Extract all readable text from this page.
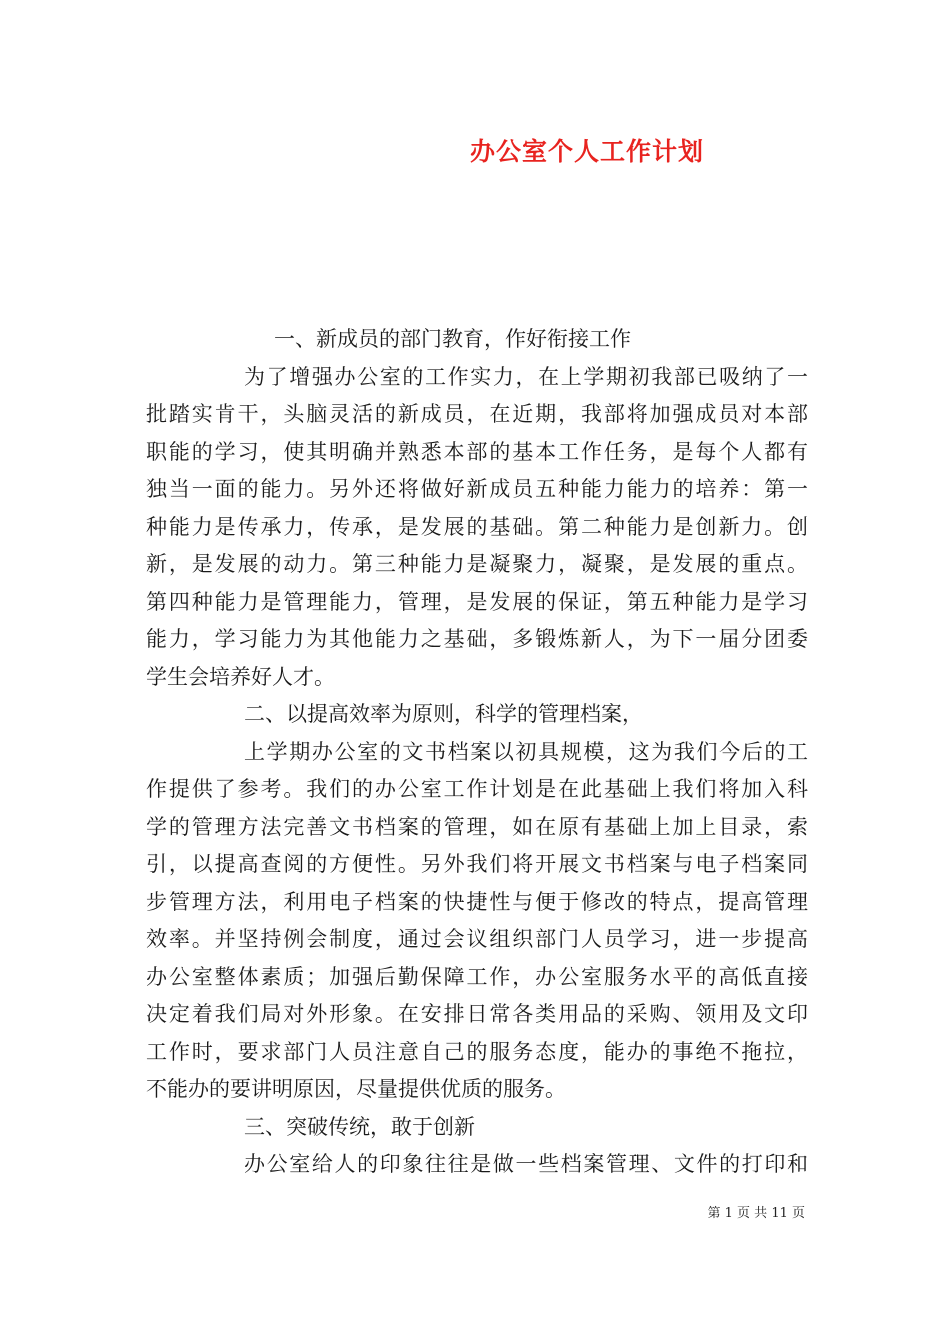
办公室个人工作计划
一、新成员的部门教育，作好衔接工作
为了增强办公室的工作实力，在上学期初我部已吸纳了一
批踏实肯干，头脑灵活的新成员，在近期，我部将加强成员对本部
职能的学习，使其明确并熟悉本部的基本工作任务，是每个人都有
独当一面的能力。另外还将做好新成员五种能力能力的培养：第一
种能力是传承力，传承，是发展的基础。第二种能力是创新力。创
新，是发展的动力。第三种能力是凝聚力，凝聚，是发展的重点。
第四种能力是管理能力，管理，是发展的保证，第五种能力是学习
能力，学习能力为其他能力之基础，多锻炼新人，为下一届分团委
学生会培养好人才。
二、以提高效率为原则，科学的管理档案，
上学期办公室的文书档案以初具规模，这为我们今后的工
作提供了参考。我们的办公室工作计划是在此基础上我们将加入科
学的管理方法完善文书档案的管理，如在原有基础上加上目录，索
引，以提高查阅的方便性。另外我们将开展文书档案与电子档案同
步管理方法，利用电子档案的快捷性与便于修改的特点，提高管理
效率。并坚持例会制度，通过会议组织部门人员学习，进一步提高
办公室整体素质；加强后勤保障工作，办公室服务水平的高低直接
决定着我们局对外形象。在安排日常各类用品的采购、领用及文印
工作时，要求部门人员注意自己的服务态度，能办的事绝不拖拉，
不能办的要讲明原因，尽量提供优质的服务。
三、突破传统，敢于创新
办公室给人的印象往往是做一些档案管理、文件的打印和
第 1 页 共 11 页
